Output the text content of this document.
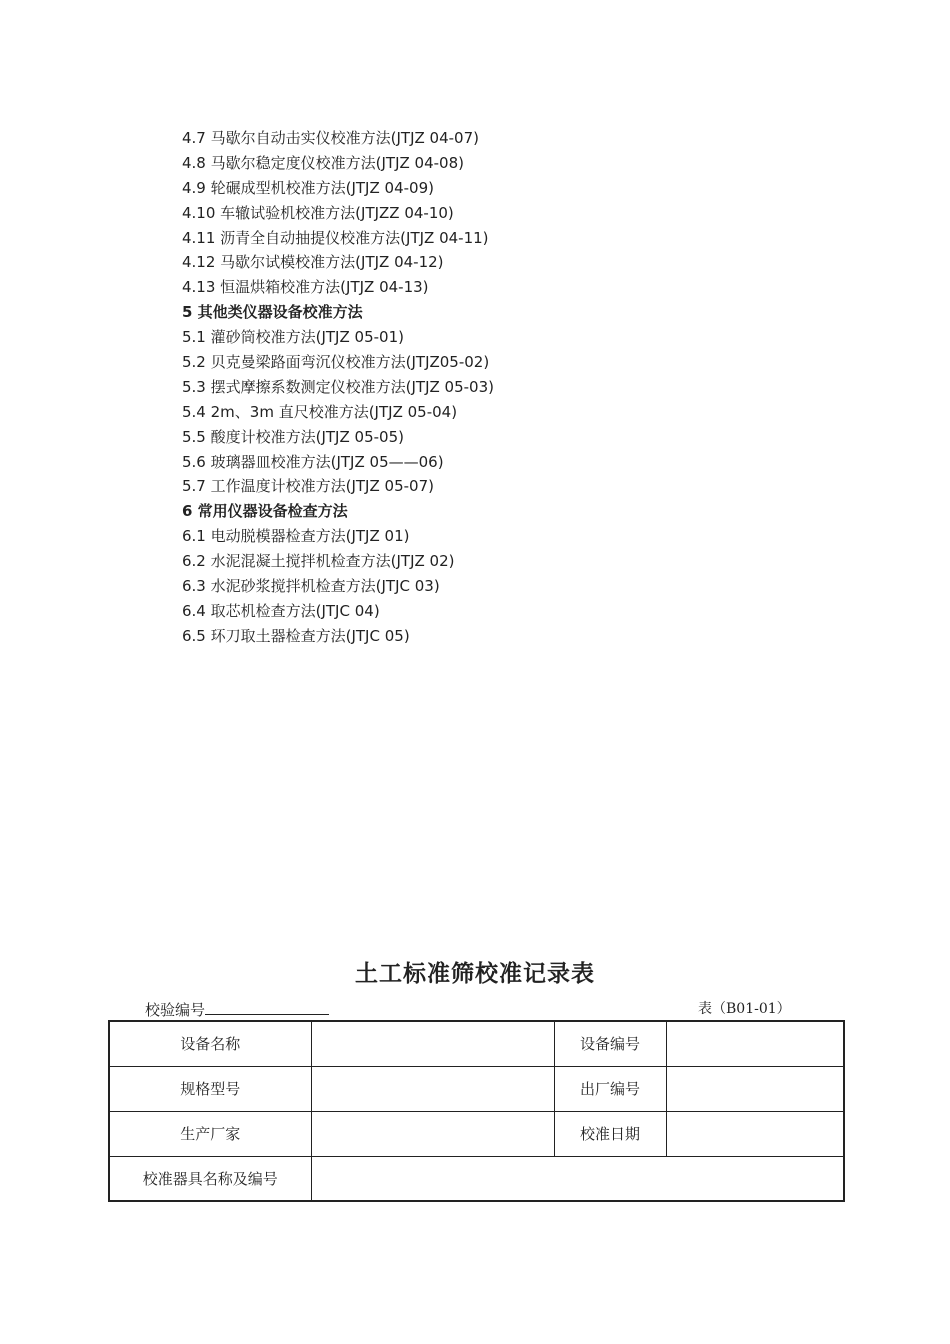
4.7 马歇尔自动击实仪校准方法(JTJZ 04-07)
4.8 马歇尔稳定度仪校准方法(JTJZ 04-08)
4.9 轮碾成型机校准方法(JTJZ 04-09)
4.10 车辙试验机校准方法(JTJZZ 04-10)
4.11 沥青全自动抽提仪校准方法(JTJZ 04-11)
4.12 马歇尔试模校准方法(JTJZ 04-12)
4.13 恒温烘箱校准方法(JTJZ 04-13)
5 其他类仪器设备校准方法
5.1 灌砂筒校准方法(JTJZ 05-01)
5.2 贝克曼梁路面弯沉仪校准方法(JTJZ05-02)
5.3 摆式摩擦系数测定仪校准方法(JTJZ 05-03)
5.4 2m、3m 直尺校准方法(JTJZ 05-04)
5.5 酸度计校准方法(JTJZ 05-05)
5.6 玻璃器皿校准方法(JTJZ 05——06)
5.7 工作温度计校准方法(JTJZ 05-07)
6 常用仪器设备检查方法
6.1 电动脱模器检查方法(JTJZ 01)
6.2 水泥混凝土搅拌机检查方法(JTJZ 02)
6.3 水泥砂浆搅拌机检查方法(JTJC 03)
6.4 取芯机检查方法(JTJC 04)
6.5 环刀取土器检查方法(JTJC 05)
土工标准筛校准记录表
校验编号	表（B01-01）
设备名称		设备编号	
规格型号		出厂编号	
生产厂家		校准日期	
校准器具名称及编号			
